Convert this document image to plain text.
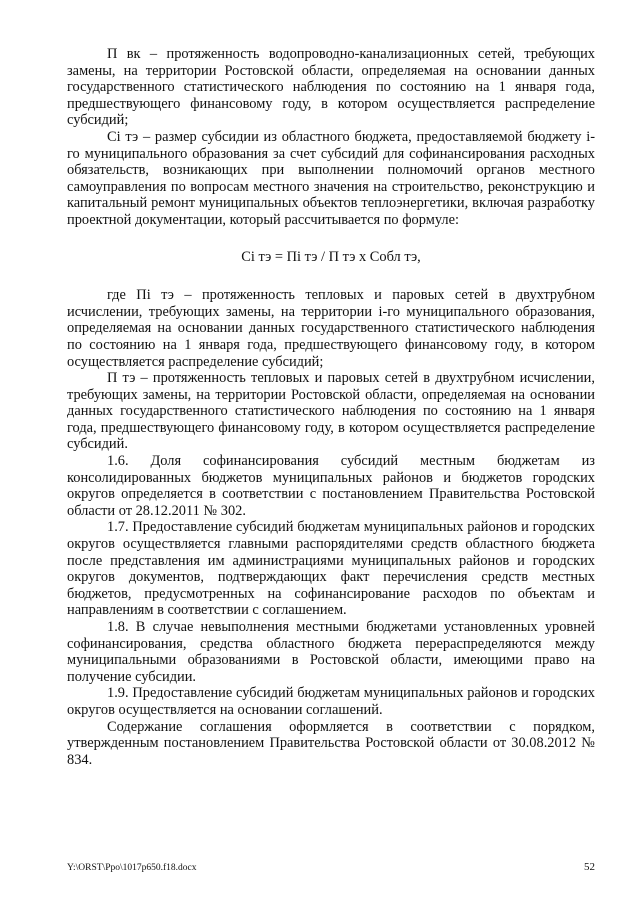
П вк – протяженность водопроводно-канализационных сетей, требующих замены, на территории Ростовской области, определяемая на основании данных государственного статистического наблюдения по состоянию на 1 января года, предшествующего финансовому году, в котором осуществляется распределение субсидий;

Сi тэ – размер субсидии из областного бюджета, предоставляемой бюджету i-го муниципального образования за счет субсидий для софинансирования расходных обязательств, возникающих при выполнении полномочий органов местного самоуправления по вопросам местного значения на строительство, реконструкцию и капитальный ремонт муниципальных объектов теплоэнергетики, включая разработку проектной документации, который рассчитывается по формуле:

Сi тэ = Пi тэ / П тэ х Собл тэ,

где Пi тэ – протяженность тепловых и паровых сетей в двухтрубном исчислении, требующих замены, на территории i-го муниципального образования, определяемая на основании данных государственного статистического наблюдения по состоянию на 1 января года, предшествующего финансовому году, в котором осуществляется распределение субсидий;

П тэ – протяженность тепловых и паровых сетей в двухтрубном исчислении, требующих замены, на территории Ростовской области, определяемая на основании данных государственного статистического наблюдения по состоянию на 1 января года, предшествующего финансовому году, в котором осуществляется распределение субсидий.

1.6. Доля софинансирования субсидий местным бюджетам из консолидированных бюджетов муниципальных районов и бюджетов городских округов определяется в соответствии с постановлением Правительства Ростовской области от 28.12.2011 № 302.

1.7. Предоставление субсидий бюджетам муниципальных районов и городских округов осуществляется главными распорядителями средств областного бюджета после представления им администрациями муниципальных районов и городских округов документов, подтверждающих факт перечисления средств местных бюджетов, предусмотренных на софинансирование расходов по объектам и направлениям в соответствии с соглашением.

1.8. В случае невыполнения местными бюджетами установленных уровней софинансирования, средства областного бюджета перераспределяются между муниципальными образованиями в Ростовской области, имеющими право на получение субсидии.

1.9. Предоставление субсидий бюджетам муниципальных районов и городских округов осуществляется на основании соглашений.

Содержание соглашения оформляется в соответствии с порядком, утвержденным постановлением Правительства Ростовской области от 30.08.2012 № 834.

Y:\ORST\Ppo\1017p650.f18.docx	52
